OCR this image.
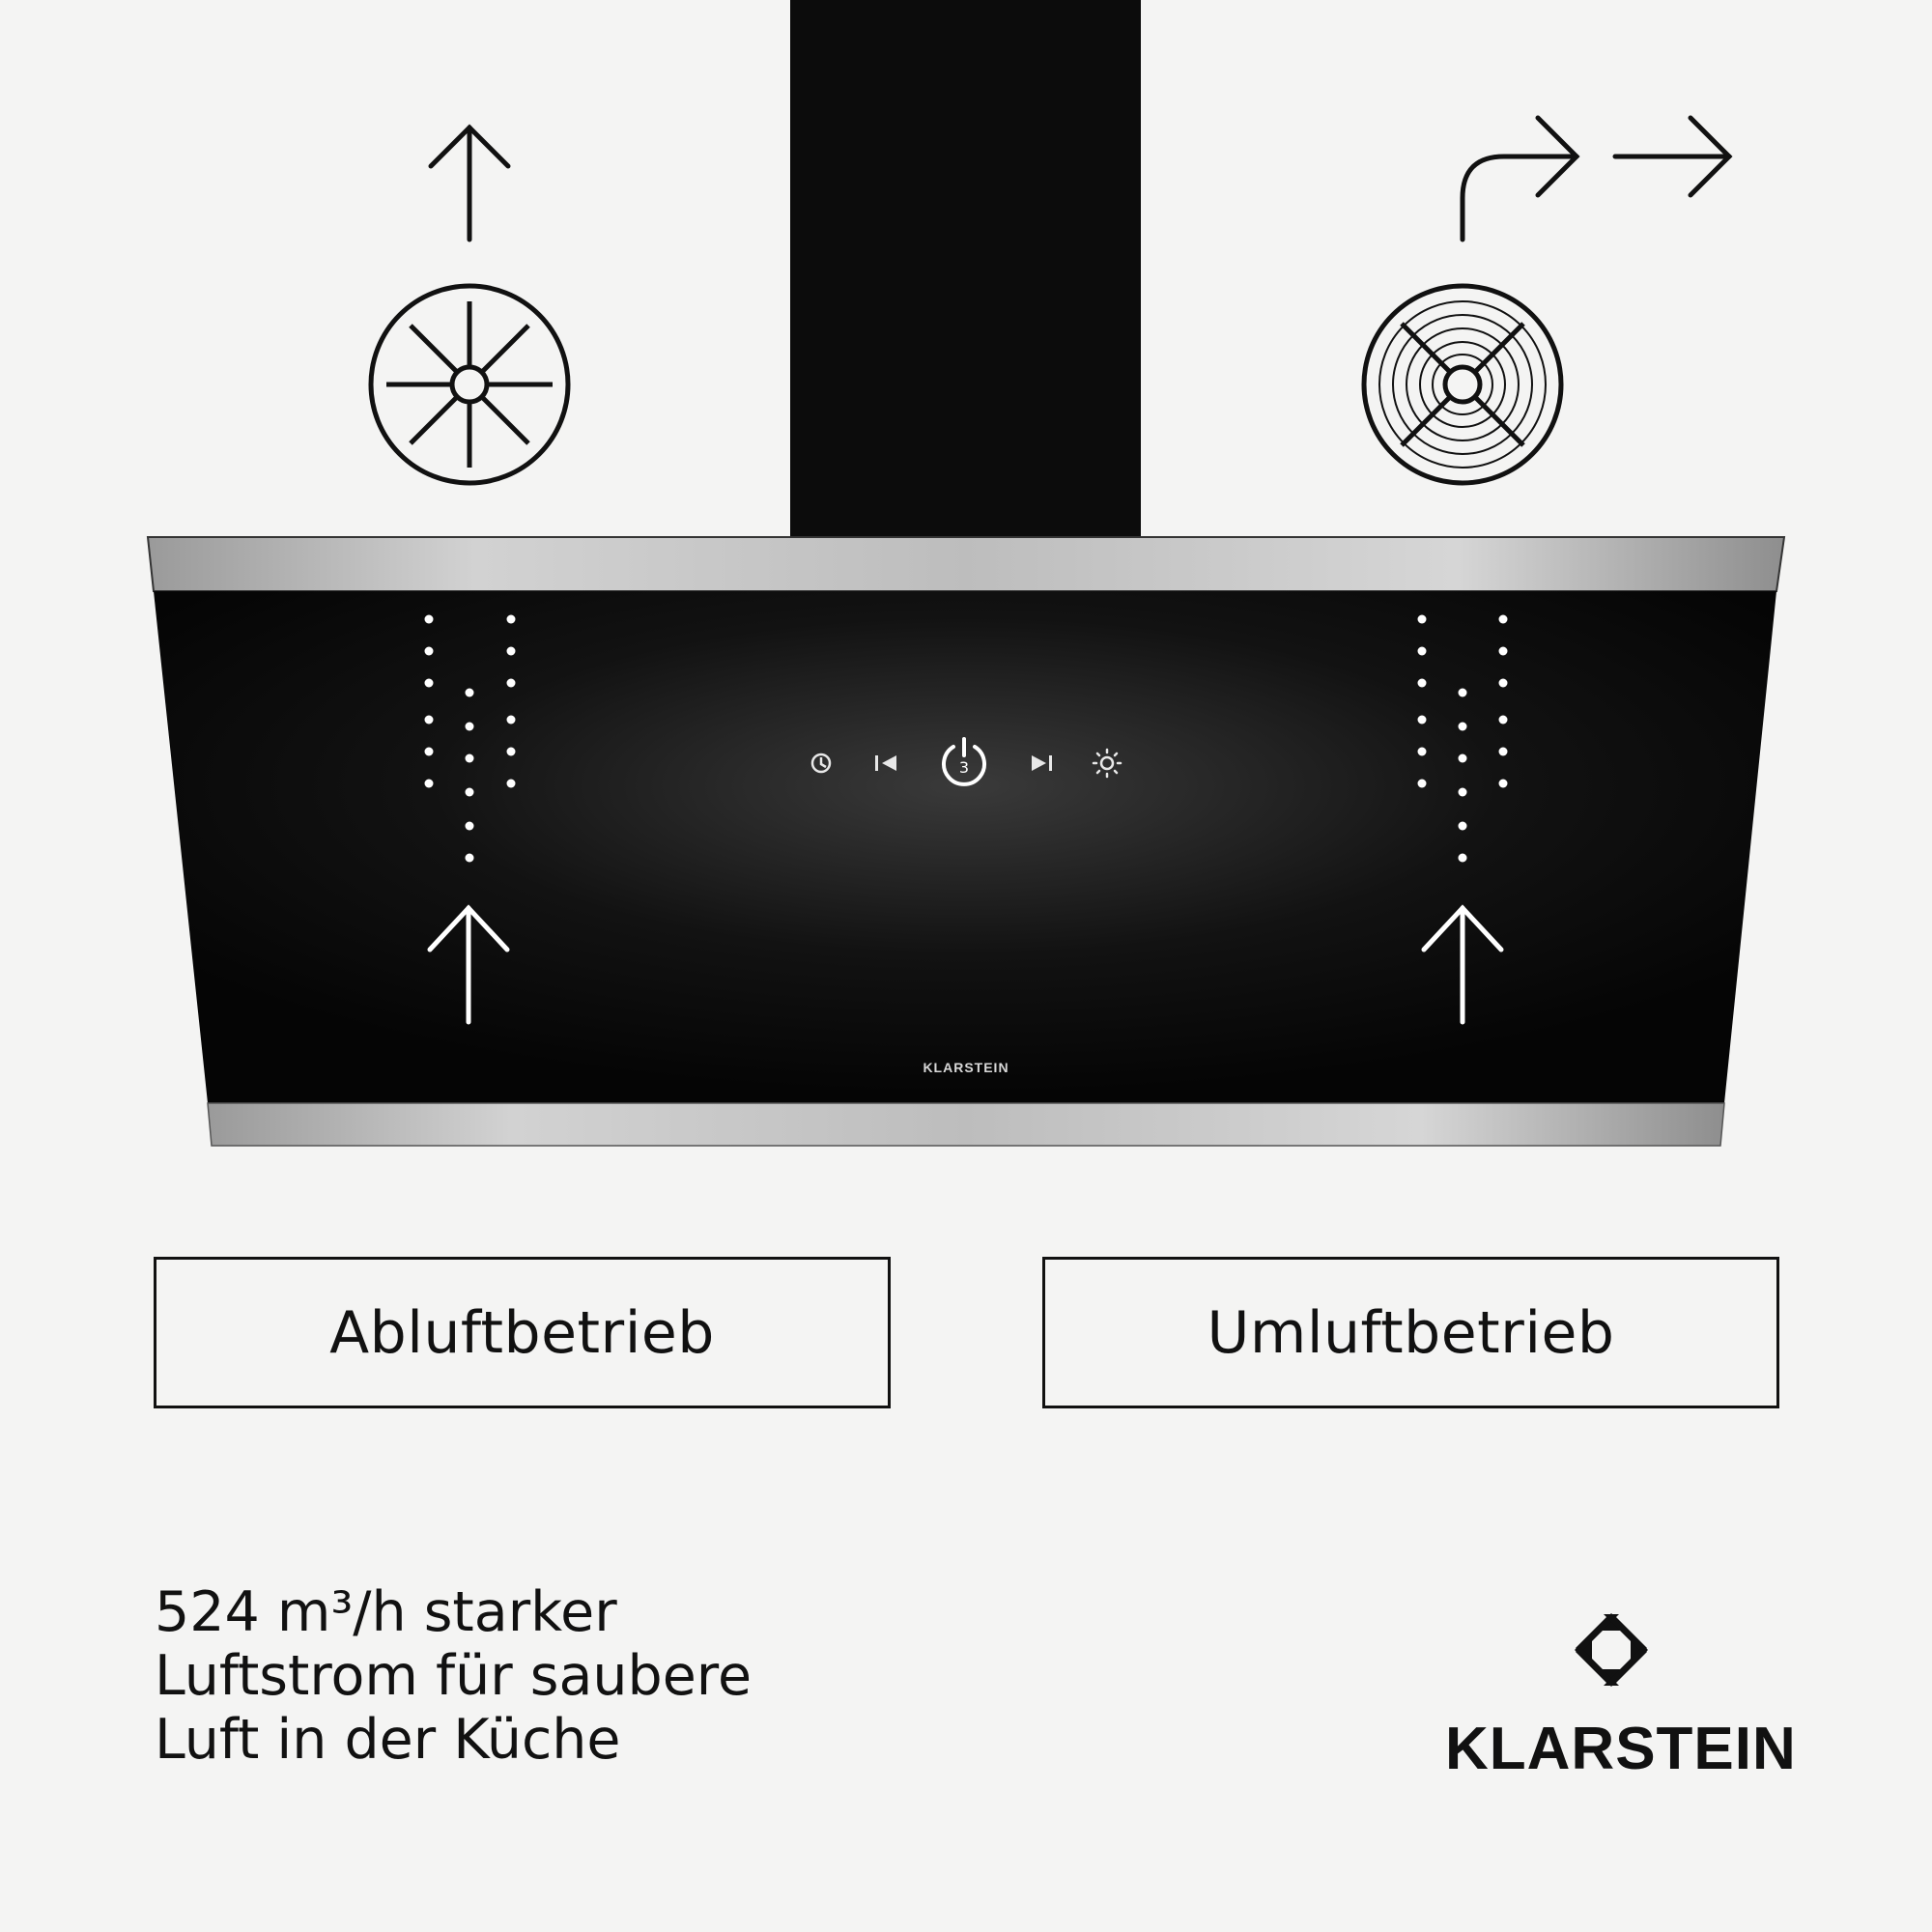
3
KLARSTEIN
Abluftbetrieb	Umluftbetrieb
524 m³/h starker
Luftstrom für saubere
Luft in der Küche	KLARSTEIN
